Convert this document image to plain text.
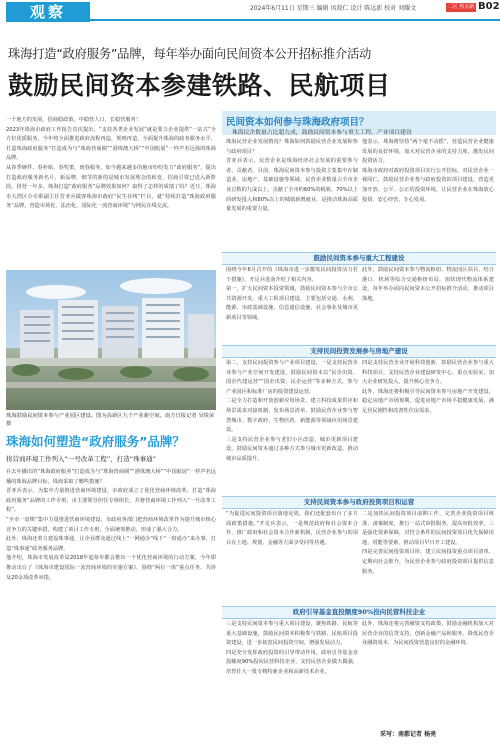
观察	2024年6月11日 星期三 编辑 凤叙仁 设计 陈远新 校对 刘耀文	二区 热点新闻
B02
珠海打造“政府服务”品牌，每年举办面向民间资本公开招标推介活动
鼓励民间资本参建铁路、民航项目

一个地方的发展，招商稳政策，中稳营人口，长稳营服务！

2023年珠海市政府工作报告首次提出，“支持各类企业发展”就是要力企业提供“一站式”全方位优质服务，今年将全面推进政府流程再造，规则再造，全面提升珠海的政务服务水平，打造珠海政府服务“打造成为与“珠海营商圈”“港珠澳大桥”“中国航展”一样声名远扬的珠海品牌。

从春季硬件、春补贴、春奖策，到春服务，如今越来越多的地市纷纷发力“政府服务”，提出打造政府服务新名片，新品牌，细节的新的是城市发展理念的转变，招商引资已进入新阶段，拼营一年多，珠海打造“政府服务”品牌效果如何？取得了怎样的成绩了吗？近日，珠海市大湾区办专职副主任晋亚兵做客珠海市政府“民生在线”栏目，就“持续打造”珠海政府服务“品牌，营造市场化、法治化、国际化一流营商环境”与网民在线交流。

珠海鼓励民间资本参与产业园区建设。图为高新区九个产业新空间。南方日报记者 吴锐荣 摄
珠海如何塑造“政府服务”品牌？
将营商环境工作列入“一号改革工程”，打造“珠事通”

在去年播出的“珠海政府服务”打造成为与“珠海营商圈”“港珠澳大桥”“中国航展”一样声名远播的珠海品牌目标，珠海采取了哪些措施？

晋亚兵表示，为集中力量推进营商环境建设，市政府成立了优化营商环境改革，打造“珠海政府服务”品牌的工作专班，市主要领导担任专班组长，并将营商环境工作列入“一号改革工程”。

“全市一盘棋”集中力量推进营商环境建设，市政府各部门把营商环境改革作为提升城市核心竞争力的关键举措，构建了项目工作专班，全面统筹推动，形成了强大合力。

此外，珠海还着力建设珠事通，让企业群众通过线上“一网通办”线下“一窗通办”来办事，打造“珠事通”政务服务品牌。

他介绍，珠海市发展改革局2018年起每年都会推出一个优化营商环境的行动方案，今年即推动出台了《珠海市建设国际一流营商环境的实施方案》，围绕“两位一体”重点任务，共涉及20余项改革举措。

民间资本如何参与珠海政府项目？
珠海民企数量占比超九成，鼓励民间资本参与重大工程、产业项目建设

珠海民营企业发展情况？珠海如何鼓励民营企业发展和参与政府项目？

晋亚兵表示，民营企业是珠海经济社会发展的重要参与者、贡献者。目前，珠海民间资本参与投资主要集中在制造业、房地产、基础设施等领域，民营企业数量占全市企业总数的九成以上，贡献了全市约60%的税收、70%以上的研发投入和80%以上的城镇新增就业，是推动珠海高质量发展的重要力量。

他表示，珠海将坚持“两个毫不动摇”，营造民营企业健康发展的良好环境，加大对民营企业的支持力度，激发民间投资活力。

珠海市政府对政府投资项目实行公开招标，对民营企业一视同仁，鼓励民营企业参与政府投资的项目建设，营造更加开放、公平、公正的投资环境，让民营企业在珠海放心投资、安心经营、专心发展。

鼓励民间资本参与重大工程建设

围绕今年6月召开的《珠海市进一步激发民间投资活力若干措施》，开足兵进南介绍了相关内容。

第一，扩大民间资本投资领域，鼓励民间资本参与全市公共资源开发、重大工程项目建设，主要包括交通、水利、能源、市政基础设施、信息通信设施、社会事业及城市更新项目等领域。

此外，鼓励民间资本参与物流枢纽、物流园区项目，结合港口、机场等综合交通枢纽布局，加快现代物流体系建设，每年举办面向民间资本公开招标推介活动，推动项目落地。

支持民间投资发展参与房地产建设

第二，支持民间投资参与产业项目建设，一是支持民营企业参与产业空间开发建设，鼓励民间资本以“民企出资、国企代建运营”“国企出资、民企运营”等多种方式，参与产业园区和标准厂房的投资建设运营。

二是全力打造和开放创新应用场景，建立科技成果供应和场景需求对接机制，发布场景清单，鼓励民营企业参与智慧城市、数字政府、生物医药、新能源等领域应用场景建设。

三是支持民营企业参与老旧小区改造、城市更新项目建设，鼓励民间资本通过多种方式参与城市更新改造，推动城市品质提升。

四是支持民营企业开展科技创新，鼓励民营企业参与重大科技项目，支持民营企业建设研发中心、重点实验室，加大企业研发投入，提升核心竞争力。

此外，珠海还将积极引导民间资本参与房地产开发建设，稳定房地产市场预期，促进房地产市场平稳健康发展，满足居民刚性和改善性住房需求。

支持民间资本参与政府投资项目和运营

“为促进民间投资项目落地见效，我们还配套出台了多方面政策措施。”开足兵表示，一是规范政府和社会资本合作，推广政府和社会资本合作新机制，民营企业参与的项目在土地、规划、金融等方面享受同等待遇。

二是加快民间投资项目前期工作，完善企业投资项目核准、备案制度，推行一站式审批服务，提高审批效率。三是强化要素保障，对符合条件的民间投资项目优先保障用地、用能等要素，推动项目早日开工建设。

四是完善民间投资项目库，建立民间投资重点项目清单，定期向社会推介，为民营企业参与政府投资项目提供信息服务。

政府引导基金直投额度90%投向民营科技企业

三是支持民间资本参与重大项目建设，聚焦铁路、民航等重大基础设施，鼓励民间资本积极参与铁路、民航项目投资建设，进一步拓宽民间投资空间，增强发展动力。

四是充分发挥政府投资的引导带动作用，政府引导基金直投额度90%投向民营科技企业，支持民营企业做大做强，培育壮大一批专精特新企业和高新技术企业。

此外，珠海还将完善融资支持政策，鼓励金融机构加大对民营企业的信贷支持，创新金融产品和服务，降低民营企业融资成本，为民间投资营造良好的金融环境。

采写：南都记者 杨亮
